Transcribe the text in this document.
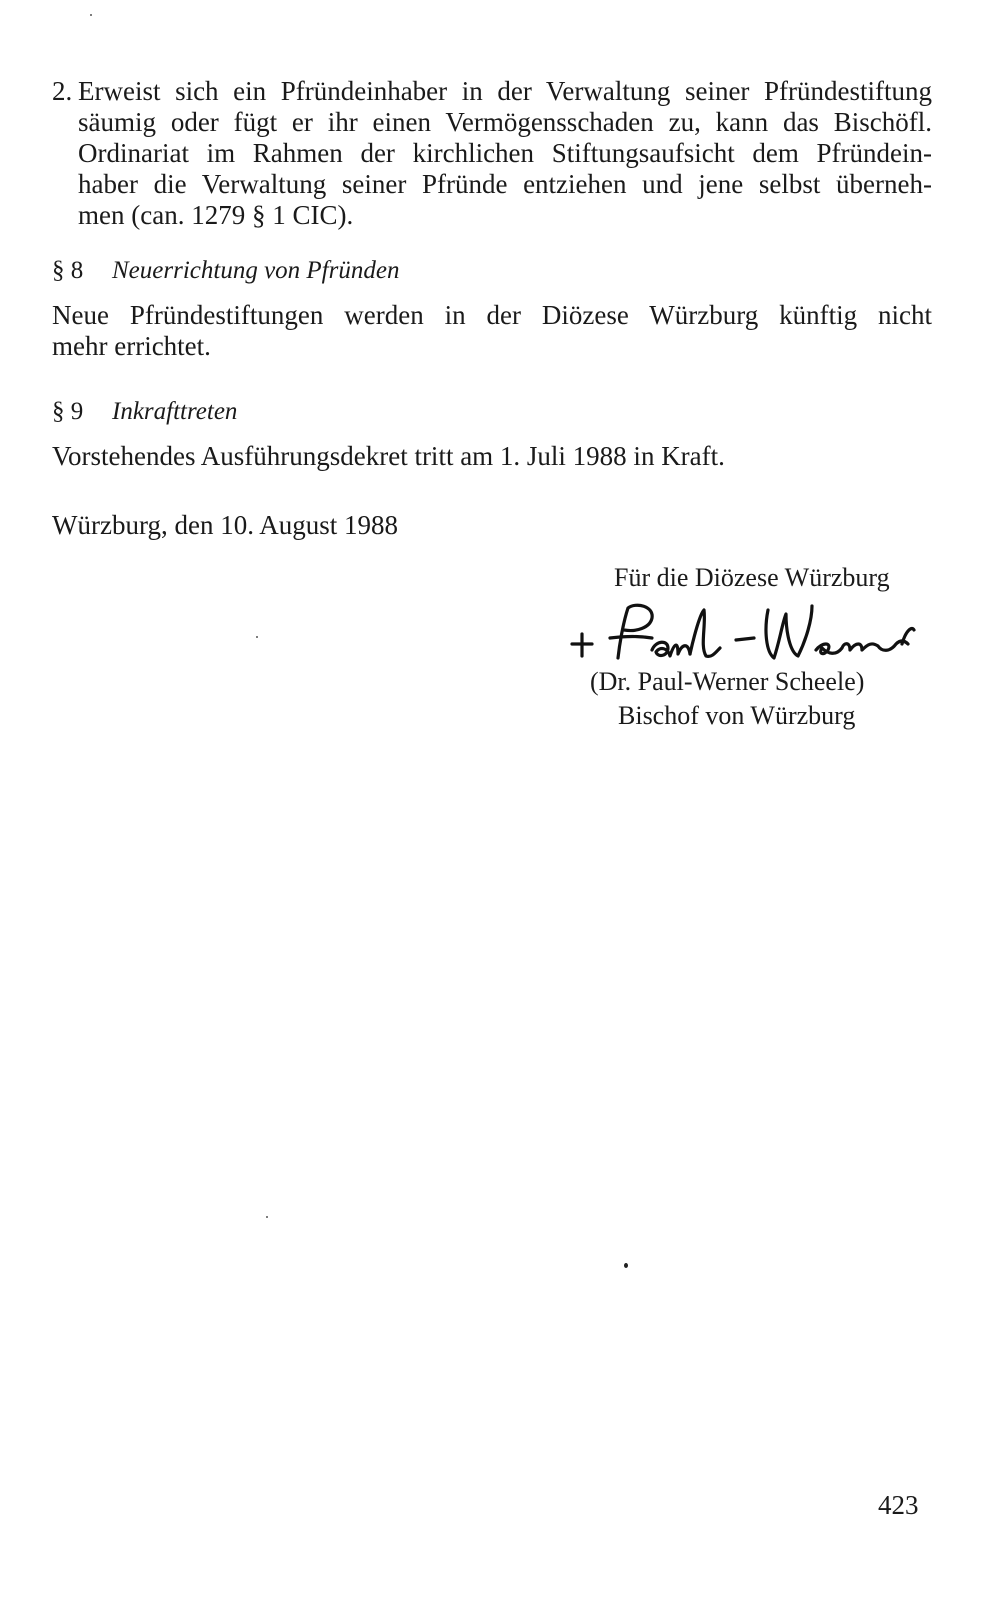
2. Erweist sich ein Pfründeinhaber in der Verwaltung seiner Pfründestiftung
säumig oder fügt er ihr einen Vermögensschaden zu, kann das Bischöfl.
Ordinariat im Rahmen der kirchlichen Stiftungsaufsicht dem Pfründein-
haber die Verwaltung seiner Pfründe entziehen und jene selbst überneh-
men (can. 1279 § 1 CIC).
§ 8 Neuerrichtung von Pfründen
Neue Pfründestiftungen werden in der Diözese Würzburg künftig nicht
mehr errichtet.
§ 9 Inkrafttreten
Vorstehendes Ausführungsdekret tritt am 1. Juli 1988 in Kraft.
Würzburg, den 10. August 1988
Für die Diözese Würzburg
+ Paul-Werner (Dr. Paul-Werner Scheele)
Bischof von Würzburg
423
